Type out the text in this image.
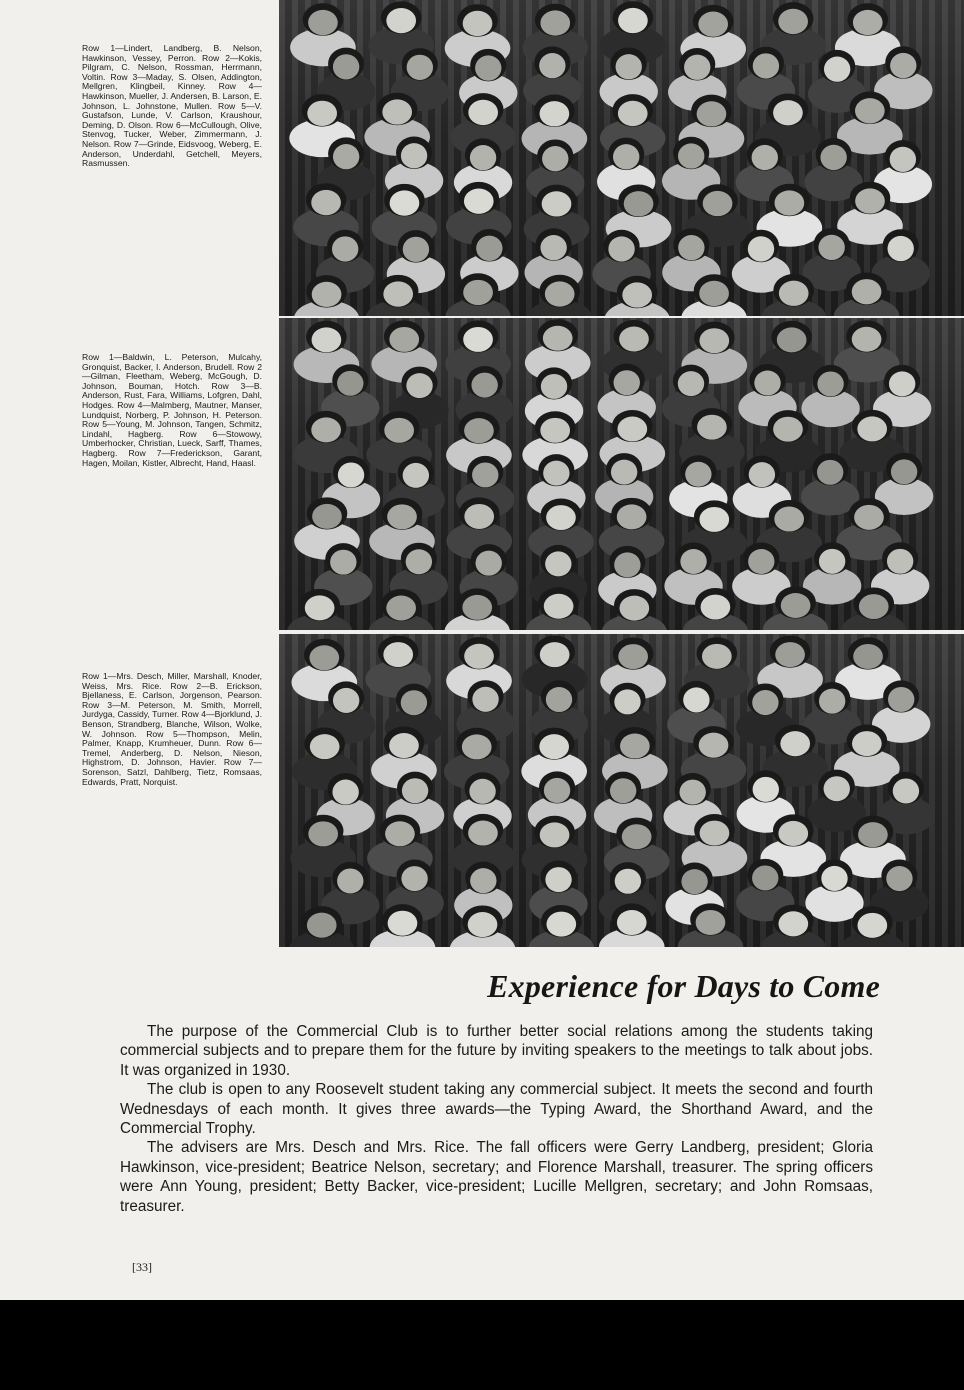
Row 1—Lindert, Landberg, B. Nelson, Hawkinson, Vessey, Perron. Row 2—Kokis, Pilgram, C. Nelson, Rossman, Herrmann, Voltin. Row 3—Maday, S. Olsen, Addington, Mellgren, Klingbeil, Kinney. Row 4—Hawkinson, Mueller, J. Andersen, B. Larson, E. Johnson, L. Johnstone, Mullen. Row 5—V. Gustafson, Lunde, V. Carlson, Kraushour, Deming, D. Olson. Row 6—McCullough, Olive, Stenvog, Tucker, Weber, Zimmermann, J. Nelson. Row 7—Grinde, Eidsvoog, Weberg, E. Anderson, Underdahl, Getchell, Meyers, Rasmussen.

Row 1—Baldwin, L. Peterson, Mulcahy, Gronquist, Backer, I. Anderson, Brudell. Row 2—Gilman, Fleetham, Weberg, McGough, D. Johnson, Bouman, Hotch. Row 3—B. Anderson, Rust, Fara, Williams, Lofgren, Dahl, Hodges. Row 4—Malmberg, Mautner, Manser, Lundquist, Norberg, P. Johnson, H. Peterson. Row 5—Young, M. Johnson, Tangen, Schmitz, Lindahl, Hagberg. Row 6—Stowowy, Umberhocker, Christian, Lueck, Sarff, Thames, Hagberg. Row 7—Frederickson, Garant, Hagen, Moilan, Kistler, Albrecht, Hand, Haasl.

Row 1—Mrs. Desch, Miller, Marshall, Knoder, Weiss, Mrs. Rice. Row 2—B. Erickson, Bjellaness, E. Carlson, Jorgenson, Pearson. Row 3—M. Peterson, M. Smith, Morrell, Jurdyga, Cassidy, Turner. Row 4—Bjorklund, J. Benson, Strandberg, Blanche, Wilson, Wolke, W. Johnson. Row 5—Thompson, Melin, Palmer, Knapp, Krumheuer, Dunn. Row 6—Tremel, Anderberg, D. Nelson, Nieson, Highstrom, D. Johnson, Havier. Row 7—Sorenson, Satzl, Dahlberg, Tietz, Romsaas, Edwards, Pratt, Norquist.

Experience for Days to Come

The purpose of the Commercial Club is to further better social relations among the students taking commercial subjects and to prepare them for the future by inviting speakers to the meetings to talk about jobs. It was organized in 1930.

The club is open to any Roosevelt student taking any commercial subject. It meets the second and fourth Wednesdays of each month. It gives three awards—the Typing Award, the Shorthand Award, and the Commercial Trophy.

The advisers are Mrs. Desch and Mrs. Rice. The fall officers were Gerry Landberg, president; Gloria Hawkinson, vice-president; Beatrice Nelson, secretary; and Florence Marshall, treasurer. The spring officers were Ann Young, president; Betty Backer, vice-president; Lucille Mellgren, secretary; and John Romsaas, treasurer.

[33]
